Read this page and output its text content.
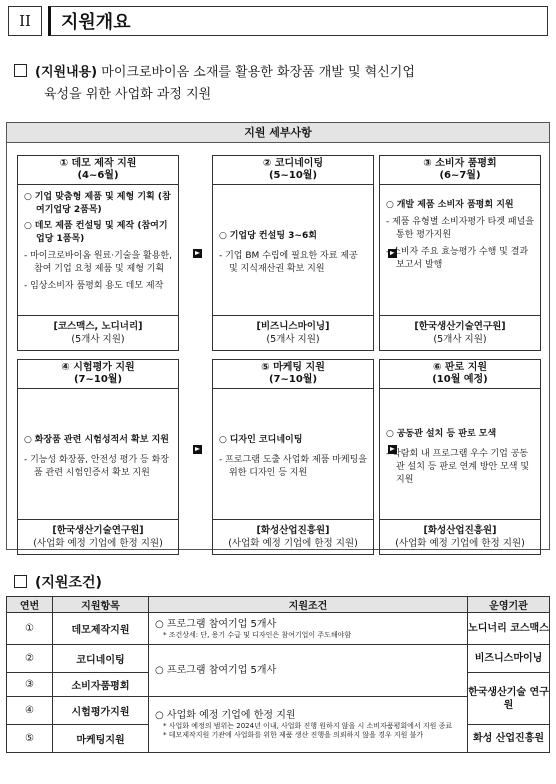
II	지원개요
(지원내용) 마이크로바이옴 소재를 활용한 화장품 개발 및 혁신기업
육성을 위한 사업화 과정 지원
지원 세부사항
① 데모 제작 지원
(4~6월)
○ 기업 맞춤형 제품 및 제형 기획 (참여기업당 2품목)
○ 데모 제품 컨설팅 및 제작 (참여기업당 1품목)
- 마이크로바이옴 원료·기술을 활용한, 참여 기업 요청 제품 및 제형 기획
- 임상소비자 품평회 용도 데모 제작
[코스맥스, 노디너리]
(5개사 지원)
② 코디네이팅
(5~10월)
○ 기업당 컨설팅 3~6회
- 기업 BM 수립에 필요한 자료 제공 및 지식재산권 확보 지원
[비즈니스마이닝]
(5개사 지원)
③ 소비자 품평회
(6~7월)
○ 개발 제품 소비자 품평회 지원
- 제품 유형별 소비자평가 타겟 패널을 통한 평가지원
- 소비자 주요 효능평가 수행 및 결과보고서 발행
[한국생산기술연구원]
(5개사 지원)
④ 시험평가 지원
(7~10월)
○ 화장품 관련 시험성적서 확보 지원
- 기능성 화장품, 안전성 평가 등 화장품 관련 시험인증서 확보 지원
[한국생산기술연구원]
(사업화 예정 기업에 한정 지원)
⑤ 마케팅 지원
(7~10월)
○ 디자인 코디네이팅
- 프로그램 도출 사업화 제품 마케팅을 위한 디자인 등 지원
[화성산업진흥원]
(사업화 예정 기업에 한정 지원)
⑥ 판로 지원
(10월 예정)
○ 공동관 설치 등 판로 모색
- 박람회 내 프로그램 우수 기업 공동관 설치 등 판로 연계 방안 모색 및 지원
[화성산업진흥원]
(사업화 예정 기업에 한정 지원)
(지원조건)
연번	지원항목	지원조건	운영기관
①	데모제작지원	○ 프로그램 참여기업 5개사
* 조건상세: 단, 용기 수급 및 디자인은 참여기업이 주도해야함	노디너리 코스맥스
②	코디네이팅	○ 프로그램 참여기업 5개사	비즈니스마이닝
③	소비자품평회		한국생산기술 연구원
④	시험평가지원	○ 사업화 예정 기업에 한정 지원
* 사업화 예정의 범위는 2024년 이내, 사업화 진행 원하지 않을 시 소비자품평회에서 지원 종료
* 데모제작지원 기관에 사업화를 위한 제품 생산 진행을 의뢰하지 않을 경우 지원 불가	

⑤	마케팅지원		화성 산업진흥원
